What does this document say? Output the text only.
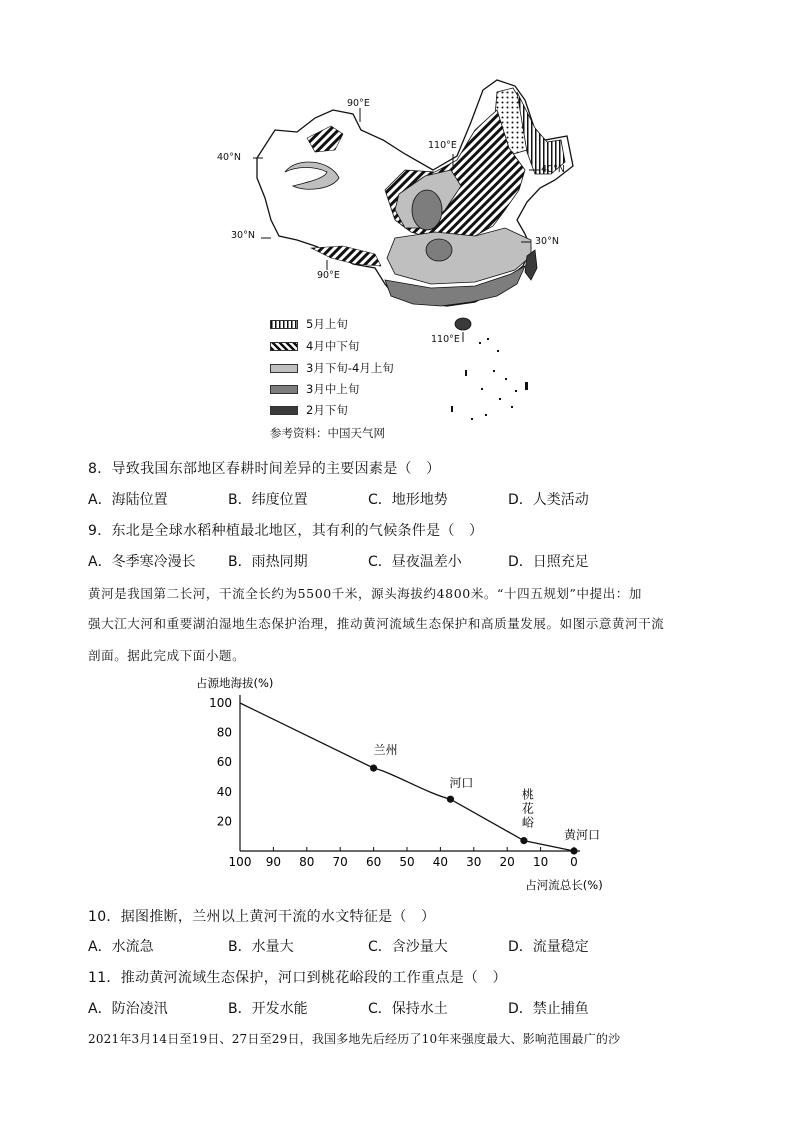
90°E
110°E
40°N
40°N
30°N
30°N
90°E
110°E
5月上旬
4月中下旬
3月下旬-4月上旬
3月中上旬
2月下旬
参考资料：中国天气网
8．导致我国东部地区春耕时间差异的主要因素是（　）
A．海陆位置	B．纬度位置	C．地形地势	D．人类活动
9．东北是全球水稻种植最北地区，其有利的气候条件是（　）
A．冬季寒冷漫长 B．雨热同期	C．昼夜温差小	D．日照充足
黄河是我国第二长河，干流全长约为5500千米，源头海拔约4800米。“十四五规划”中提出：加
强大江大河和重要湖泊湿地生态保护治理，推动黄河流域生态保护和高质量发展。如图示意黄河干流
剖面。据此完成下面小题。
100 90 80 70 60 50 40 30 20 10 0
100
80
60
40
20
占源地海拔(%)
占河流总长(%)
兰州
河口
桃
花
峪
黄河口
10．据图推断，兰州以上黄河干流的水文特征是（　）
A．水流急	B．水量大	C．含沙量大	D．流量稳定
11．推动黄河流域生态保护，河口到桃花峪段的工作重点是（　）
A．防治凌汛	B．开发水能	C．保持水土	D．禁止捕鱼
2021年3月14日至19日、27日至29日，我国多地先后经历了10年来强度最大、影响范围最广的沙
